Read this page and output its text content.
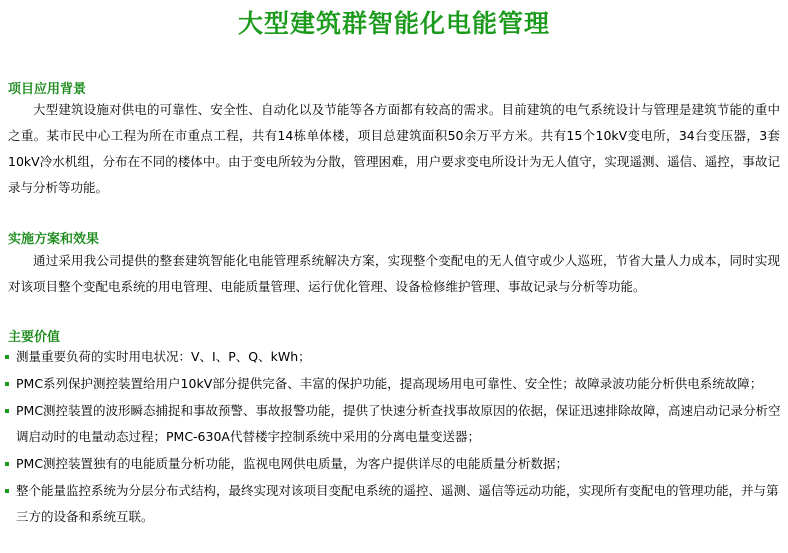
大型建筑群智能化电能管理
项目应用背景

大型建筑设施对供电的可靠性、安全性、自动化以及节能等各方面都有较高的需求。目前建筑的电气系统设计与管理是建筑节能的重中之重。某市民中心工程为所在市重点工程，共有14栋单体楼，项目总建筑面积50余万平方米。共有15个10kV变电所，34台变压器，3套10kV冷水机组，分布在不同的楼体中。由于变电所较为分散，管理困难，用户要求变电所设计为无人值守，实现遥测、遥信、遥控，事故记录与分析等功能。

实施方案和效果

通过采用我公司提供的整套建筑智能化电能管理系统解决方案，实现整个变配电的无人值守或少人巡班，节省大量人力成本，同时实现对该项目整个变配电系统的用电管理、电能质量管理、运行优化管理、设备检修维护管理、事故记录与分析等功能。

主要价值
测量重要负荷的实时用电状况：V、I、P、Q、kWh；
PMC系列保护测控装置给用户10kV部分提供完备、丰富的保护功能，提高现场用电可靠性、安全性；故障录波功能分析供电系统故障；
PMC测控装置的波形瞬态捕捉和事故预警、事故报警功能，提供了快速分析查找事故原因的依据，保证迅速排除故障，高速启动记录分析空调启动时的电量动态过程；PMC-630A代替楼宇控制系统中采用的分离电量变送器；
PMC测控装置独有的电能质量分析功能，监视电网供电质量，为客户提供详尽的电能质量分析数据；
整个能量监控系统为分层分布式结构，最终实现对该项目变配电系统的遥控、遥测、遥信等远动功能，实现所有变配电的管理功能，并与第三方的设备和系统互联。
